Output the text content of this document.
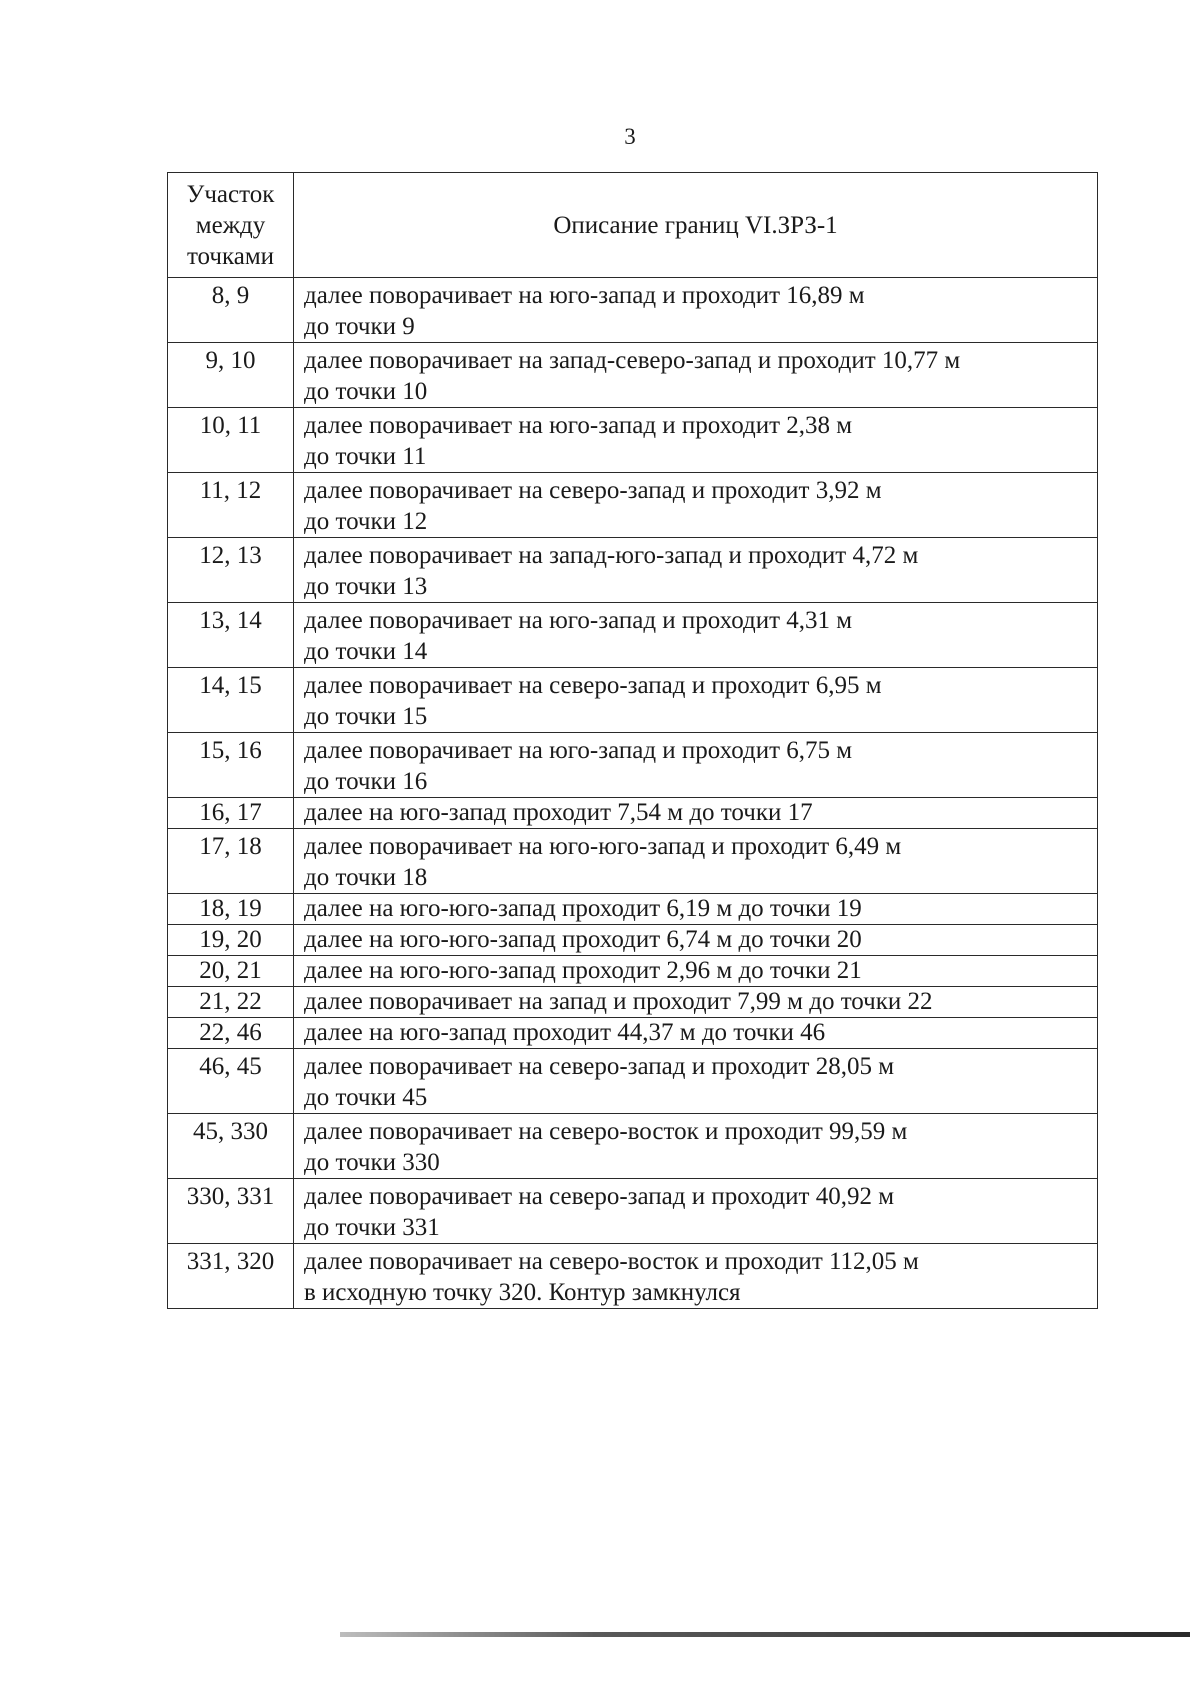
3
Участок между точками	Описание границ VI.ЗРЗ-1
8, 9	далее поворачивает на юго-запад и проходит 16,89 м
до точки 9

9, 10	далее поворачивает на запад-северо-запад и проходит 10,77 м
до точки 10

10, 11	далее поворачивает на юго-запад и проходит 2,38 м
до точки 11

11, 12	далее поворачивает на северо-запад и проходит 3,92 м
до точки 12

12, 13	далее поворачивает на запад-юго-запад и проходит 4,72 м
до точки 13

13, 14	далее поворачивает на юго-запад и проходит 4,31 м
до точки 14

14, 15	далее поворачивает на северо-запад и проходит 6,95 м
до точки 15

15, 16	далее поворачивает на юго-запад и проходит 6,75 м
до точки 16

16, 17	далее на юго-запад проходит 7,54 м до точки 17

17, 18	далее поворачивает на юго-юго-запад и проходит 6,49 м
до точки 18

18, 19	далее на юго-юго-запад проходит 6,19 м до точки 19

19, 20	далее на юго-юго-запад проходит 6,74 м до точки 20

20, 21	далее на юго-юго-запад проходит 2,96 м до точки 21

21, 22	далее поворачивает на запад и проходит 7,99 м до точки 22

22, 46	далее на юго-запад проходит 44,37 м до точки 46

46, 45	далее поворачивает на северо-запад и проходит 28,05 м
до точки 45

45, 330	далее поворачивает на северо-восток и проходит 99,59 м
до точки 330

330, 331	далее поворачивает на северо-запад и проходит 40,92 м
до точки 331

331, 320	далее поворачивает на северо-восток и проходит 112,05 м
в исходную точку 320. Контур замкнулся
